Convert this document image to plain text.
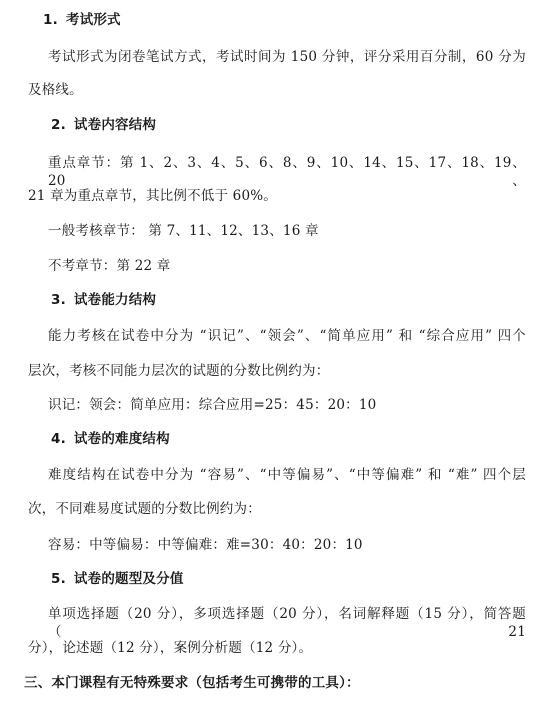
1. 考试形式
考试形式为闭卷笔试方式，考试时间为 150 分钟，评分采用百分制，60 分为
及格线。
2. 试卷内容结构
重点章节：第 1、2、3、4、5、6、8、9、10、14、15、17、18、19、20、
21 章为重点章节，其比例不低于 60%。
一般考核章节： 第 7、11、12、13、16 章
不考章节：第 22 章
3. 试卷能力结构
能力考核在试卷中分为 “识记”、“领会”、“简单应用” 和 “综合应用” 四个
层次，考核不同能力层次的试题的分数比例约为：
识记：领会：简单应用：综合应用=25：45：20：10
4. 试卷的难度结构
难度结构在试卷中分为 “容易”、“中等偏易”、“中等偏难” 和 “难” 四个层
次，不同难易度试题的分数比例约为：
容易：中等偏易：中等偏难：难=30：40：20：10
5. 试卷的题型及分值
单项选择题（20 分），多项选择题（20 分），名词解释题（15 分），简答题（21
分），论述题（12 分），案例分析题（12 分）。
三、本门课程有无特殊要求（包括考生可携带的工具）：
